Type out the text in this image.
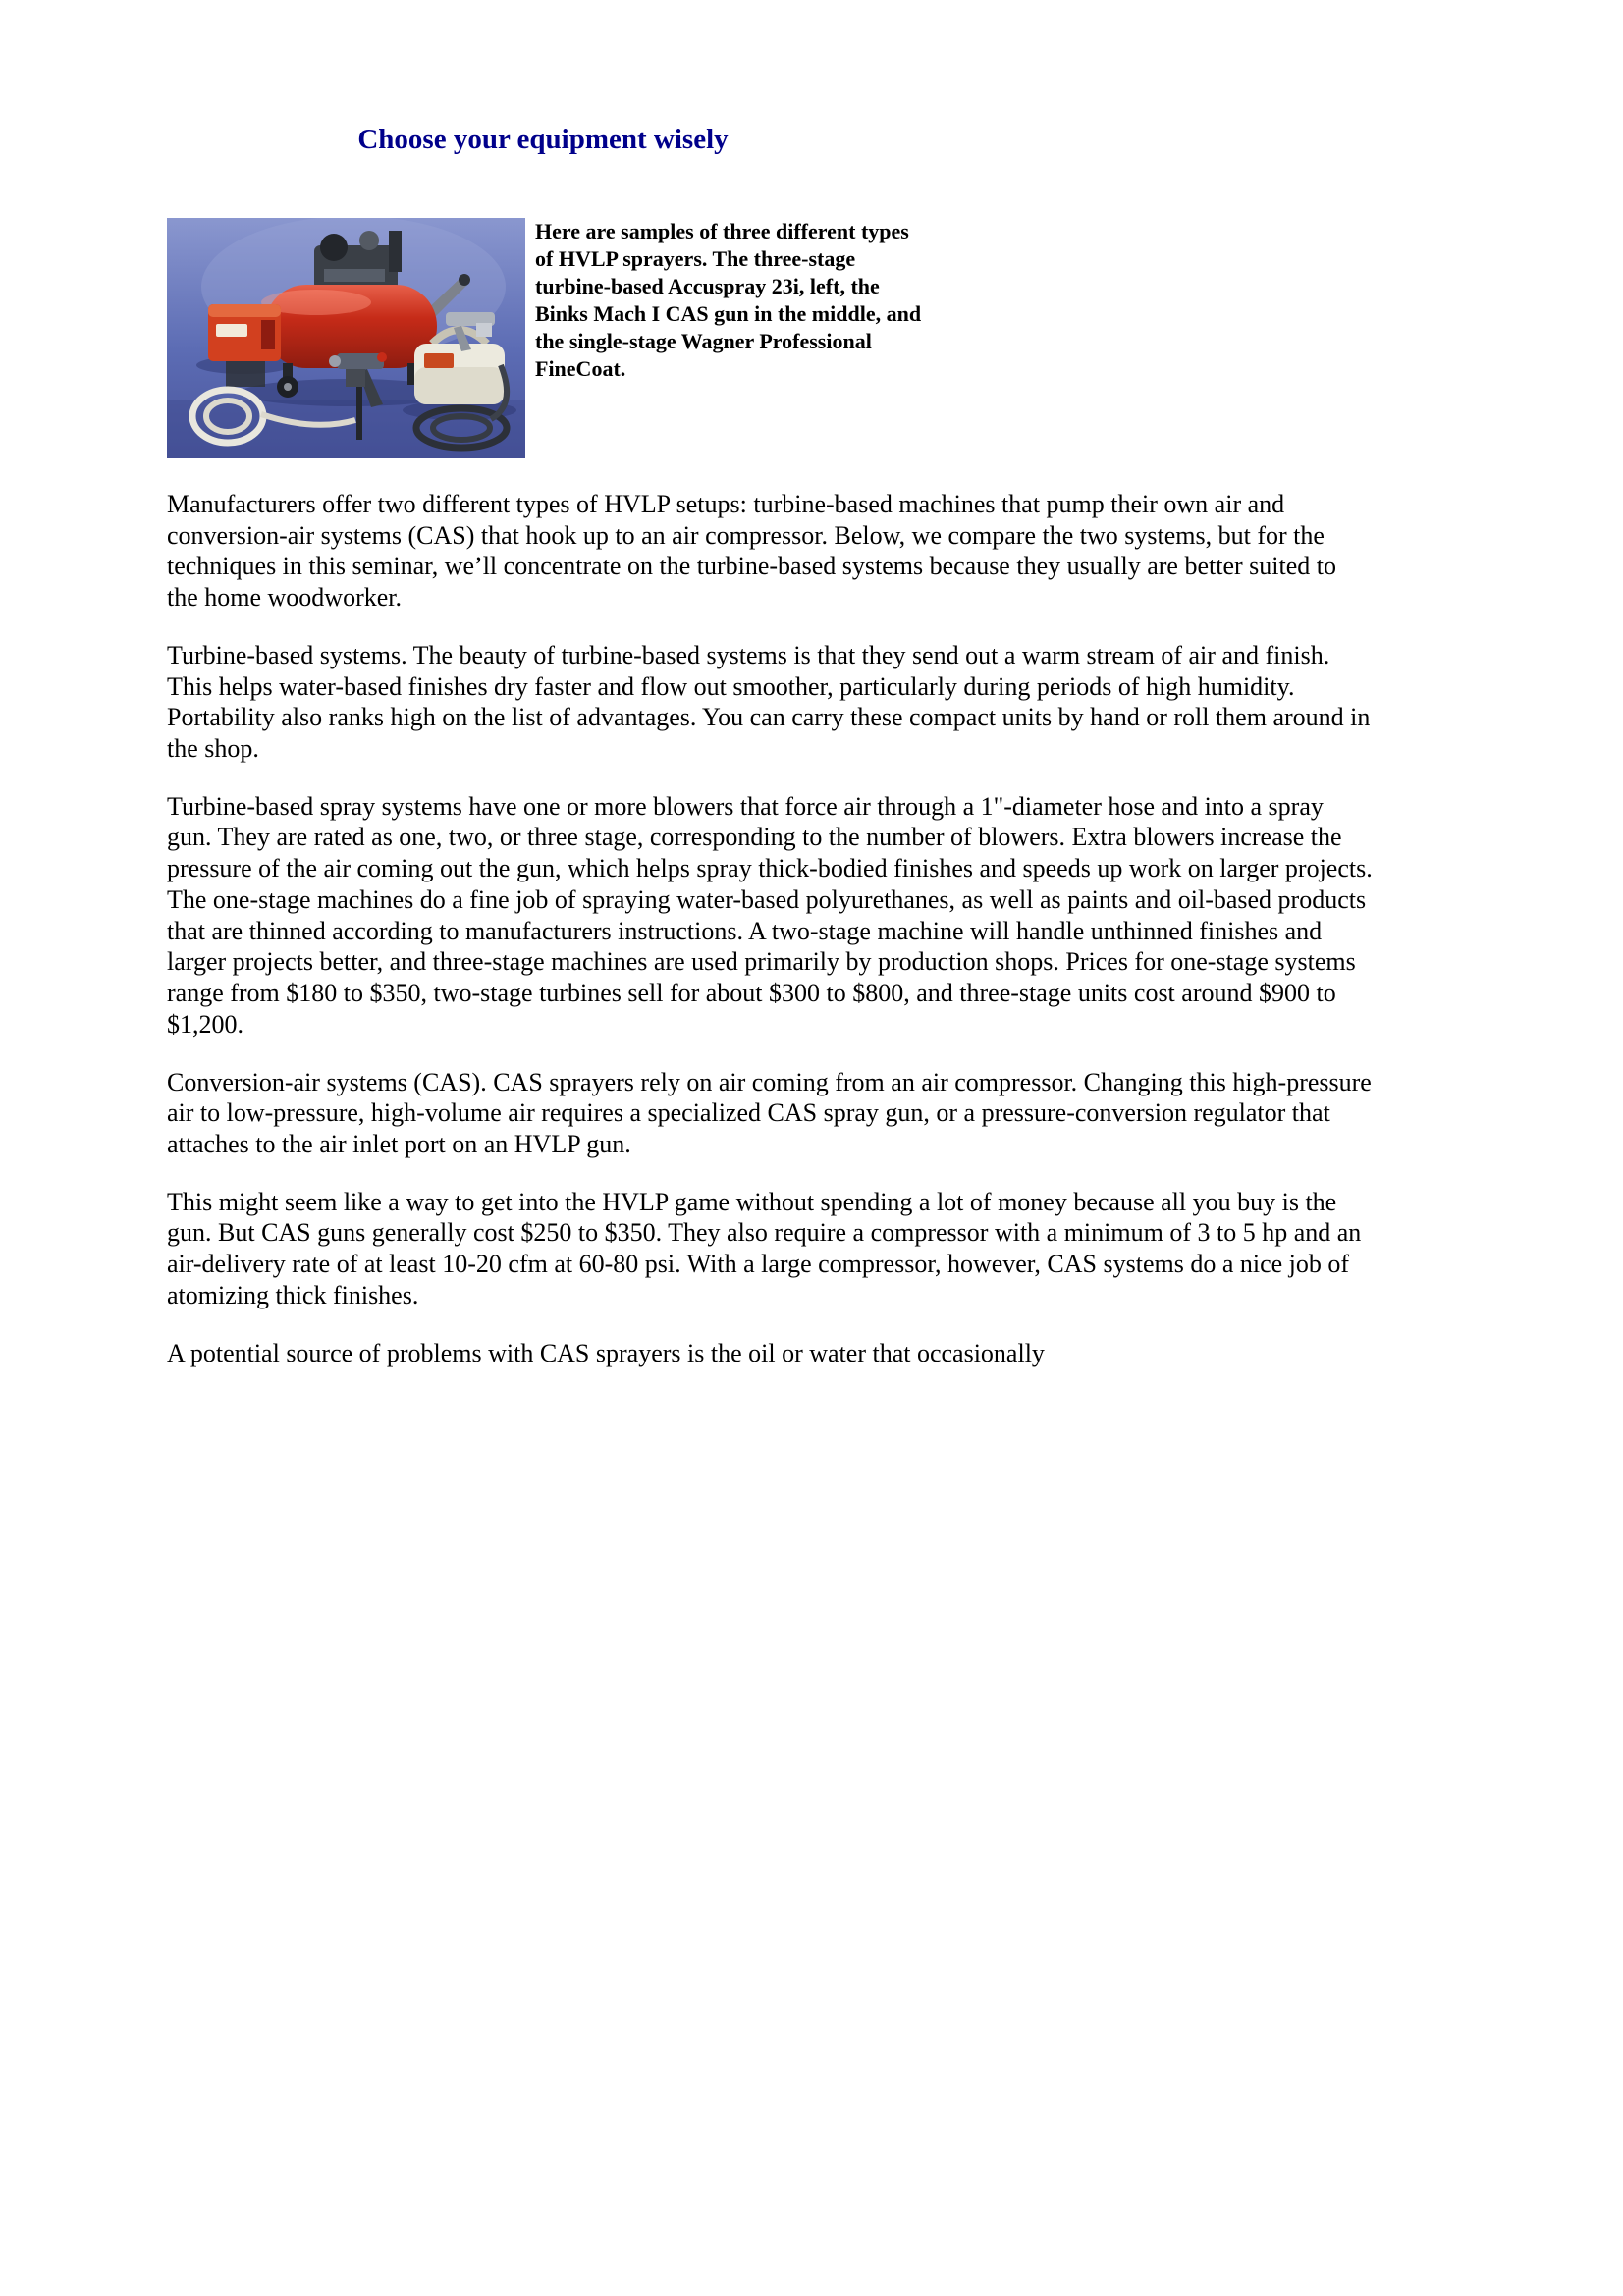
Choose your equipment wisely

Here are samples of three different types of HVLP sprayers. The three-stage turbine-based Accuspray 23i, left, the Binks Mach I CAS gun in the middle, and the single-stage Wagner Professional FineCoat.

Manufacturers offer two different types of HVLP setups: turbine-based machines that pump their own air and conversion-air systems (CAS) that hook up to an air compressor. Below, we compare the two systems, but for the techniques in this seminar, we’ll concentrate on the turbine-based systems because they usually are better suited to the home woodworker.

Turbine-based systems. The beauty of turbine-based systems is that they send out a warm stream of air and finish. This helps water-based finishes dry faster and flow out smoother, particularly during periods of high humidity. Portability also ranks high on the list of advantages. You can carry these compact units by hand or roll them around in the shop.

Turbine-based spray systems have one or more blowers that force air through a 1"-diameter hose and into a spray gun. They are rated as one, two, or three stage, corresponding to the number of blowers. Extra blowers increase the pressure of the air coming out the gun, which helps spray thick-bodied finishes and speeds up work on larger projects. The one-stage machines do a fine job of spraying water-based polyurethanes, as well as paints and oil-based products that are thinned according to manufacturers instructions. A two-stage machine will handle unthinned finishes and larger projects better, and three-stage machines are used primarily by production shops. Prices for one-stage systems range from $180 to $350, two-stage turbines sell for about $300 to $800, and three-stage units cost around $900 to $1,200.

Conversion-air systems (CAS). CAS sprayers rely on air coming from an air compressor. Changing this high-pressure air to low-pressure, high-volume air requires a specialized CAS spray gun, or a pressure-conversion regulator that attaches to the air inlet port on an HVLP gun.

This might seem like a way to get into the HVLP game without spending a lot of money because all you buy is the gun. But CAS guns generally cost $250 to $350. They also require a compressor with a minimum of 3 to 5 hp and an air-delivery rate of at least 10-20 cfm at 60-80 psi. With a large compressor, however, CAS systems do a nice job of atomizing thick finishes.

A potential source of problems with CAS sprayers is the oil or water that occasionally
